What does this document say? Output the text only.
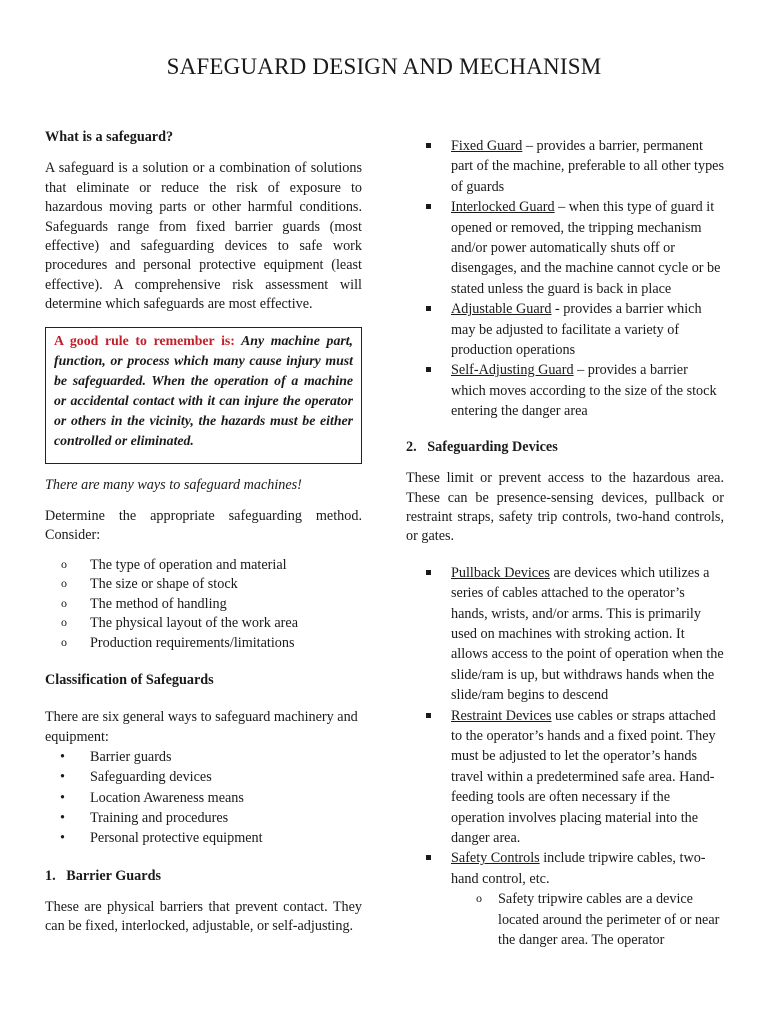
SAFEGUARD DESIGN AND MECHANISM
What is a safeguard?

A safeguard is a solution or a combination of solutions that eliminate or reduce the risk of exposure to hazardous moving parts or other harmful conditions. Safeguards range from fixed barrier guards (most effective) and safeguarding devices to safe work procedures and personal protective equipment (least effective). A comprehensive risk assessment will determine which safeguards are most effective.

A good rule to remember is: Any machine part, function, or process which many cause injury must be safeguarded. When the operation of a machine or accidental contact with it can injure the operator or others in the vicinity, the hazards must be either controlled or eliminated.

There are many ways to safeguard machines!

Determine the appropriate safeguarding method. Consider:

o The type of operation and material
o The size or shape of stock
o The method of handling
o The physical layout of the work area
o Production requirements/limitations
Classification of Safeguards

There are six general ways to safeguard machinery and equipment:

• Barrier guards
• Safeguarding devices
• Location Awareness means
• Training and procedures
• Personal protective equipment
1.   Barrier Guards

These are physical barriers that prevent contact. They can be fixed, interlocked, adjustable, or self-adjusting.

Fixed Guard – provides a barrier, permanent part of the machine, preferable to all other types of guards
Interlocked Guard – when this type of guard it opened or removed, the tripping mechanism and/or power automatically shuts off or disengages, and the machine cannot cycle or be stated unless the guard is back in place
Adjustable Guard - provides a barrier which may be adjusted to facilitate a variety of production operations
Self-Adjusting Guard – provides a barrier which moves according to the size of the stock entering the danger area
2.   Safeguarding Devices

These limit or prevent access to the hazardous area. These can be presence-sensing devices, pullback or restraint straps, safety trip controls, two-hand controls, or gates.

Pullback Devices are devices which utilizes a series of cables attached to the operator’s hands, wrists, and/or arms. This is primarily used on machines with stroking action. It allows access to the point of operation when the slide/ram is up, but withdraws hands when the slide/ram begins to descend
Restraint Devices use cables or straps attached to the operator’s hands and a fixed point. They must be adjusted to let the operator’s hands travel within a predetermined safe area. Hand-feeding tools are often necessary if the operation involves placing material into the danger area.
Safety Controls include tripwire cables, two-hand control, etc.
o Safety tripwire cables are a device located around the perimeter of or near the danger area. The operator
